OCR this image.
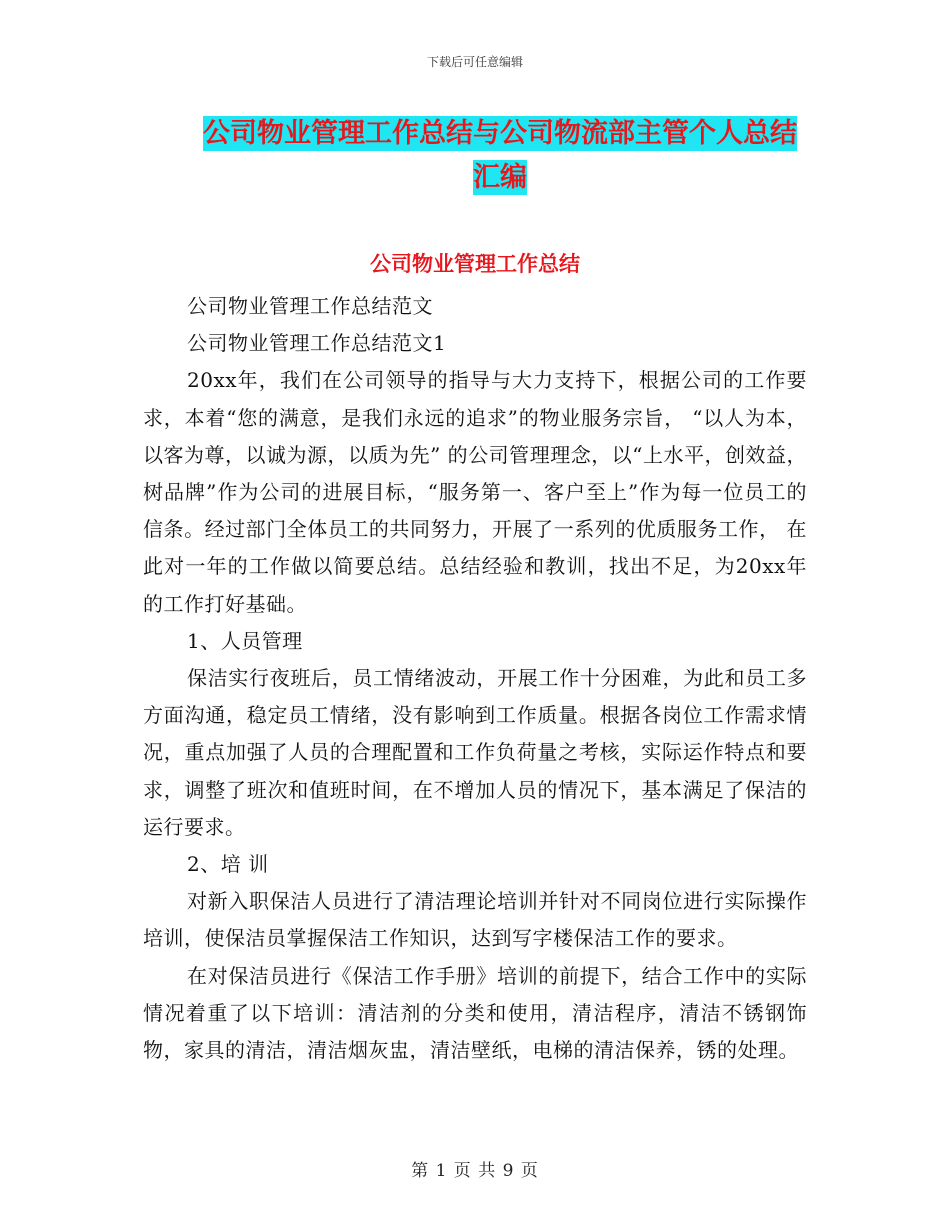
下载后可任意编辑
公司物业管理工作总结与公司物流部主管个人总结汇编
公司物业管理工作总结

公司物业管理工作总结范文

公司物业管理工作总结范文1

20xx年，我们在公司领导的指导与大力支持下，根据公司的工作要求，本着“您的满意，是我们永远的追求”的物业服务宗旨， “以人为本，以客为尊，以诚为源，以质为先” 的公司管理理念，以“上水平，创效益，树品牌”作为公司的进展目标，“服务第一、客户至上”作为每一位员工的信条。经过部门全体员工的共同努力，开展了一系列的优质服务工作， 在此对一年的工作做以简要总结。总结经验和教训，找出不足，为20xx年的工作打好基础。

1、人员管理

保洁实行夜班后，员工情绪波动，开展工作十分困难，为此和员工多方面沟通，稳定员工情绪，没有影响到工作质量。根据各岗位工作需求情况，重点加强了人员的合理配置和工作负荷量之考核，实际运作特点和要求，调整了班次和值班时间，在不增加人员的情况下，基本满足了保洁的运行要求。

2、培 训

对新入职保洁人员进行了清洁理论培训并针对不同岗位进行实际操作培训，使保洁员掌握保洁工作知识，达到写字楼保洁工作的要求。

在对保洁员进行《保洁工作手册》培训的前提下，结合工作中的实际情况着重了以下培训：清洁剂的分类和使用，清洁程序，清洁不锈钢饰物，家具的清洁，清洁烟灰盅，清洁壁纸，电梯的清洁保养，锈的处理。

第 1 页 共 9 页
